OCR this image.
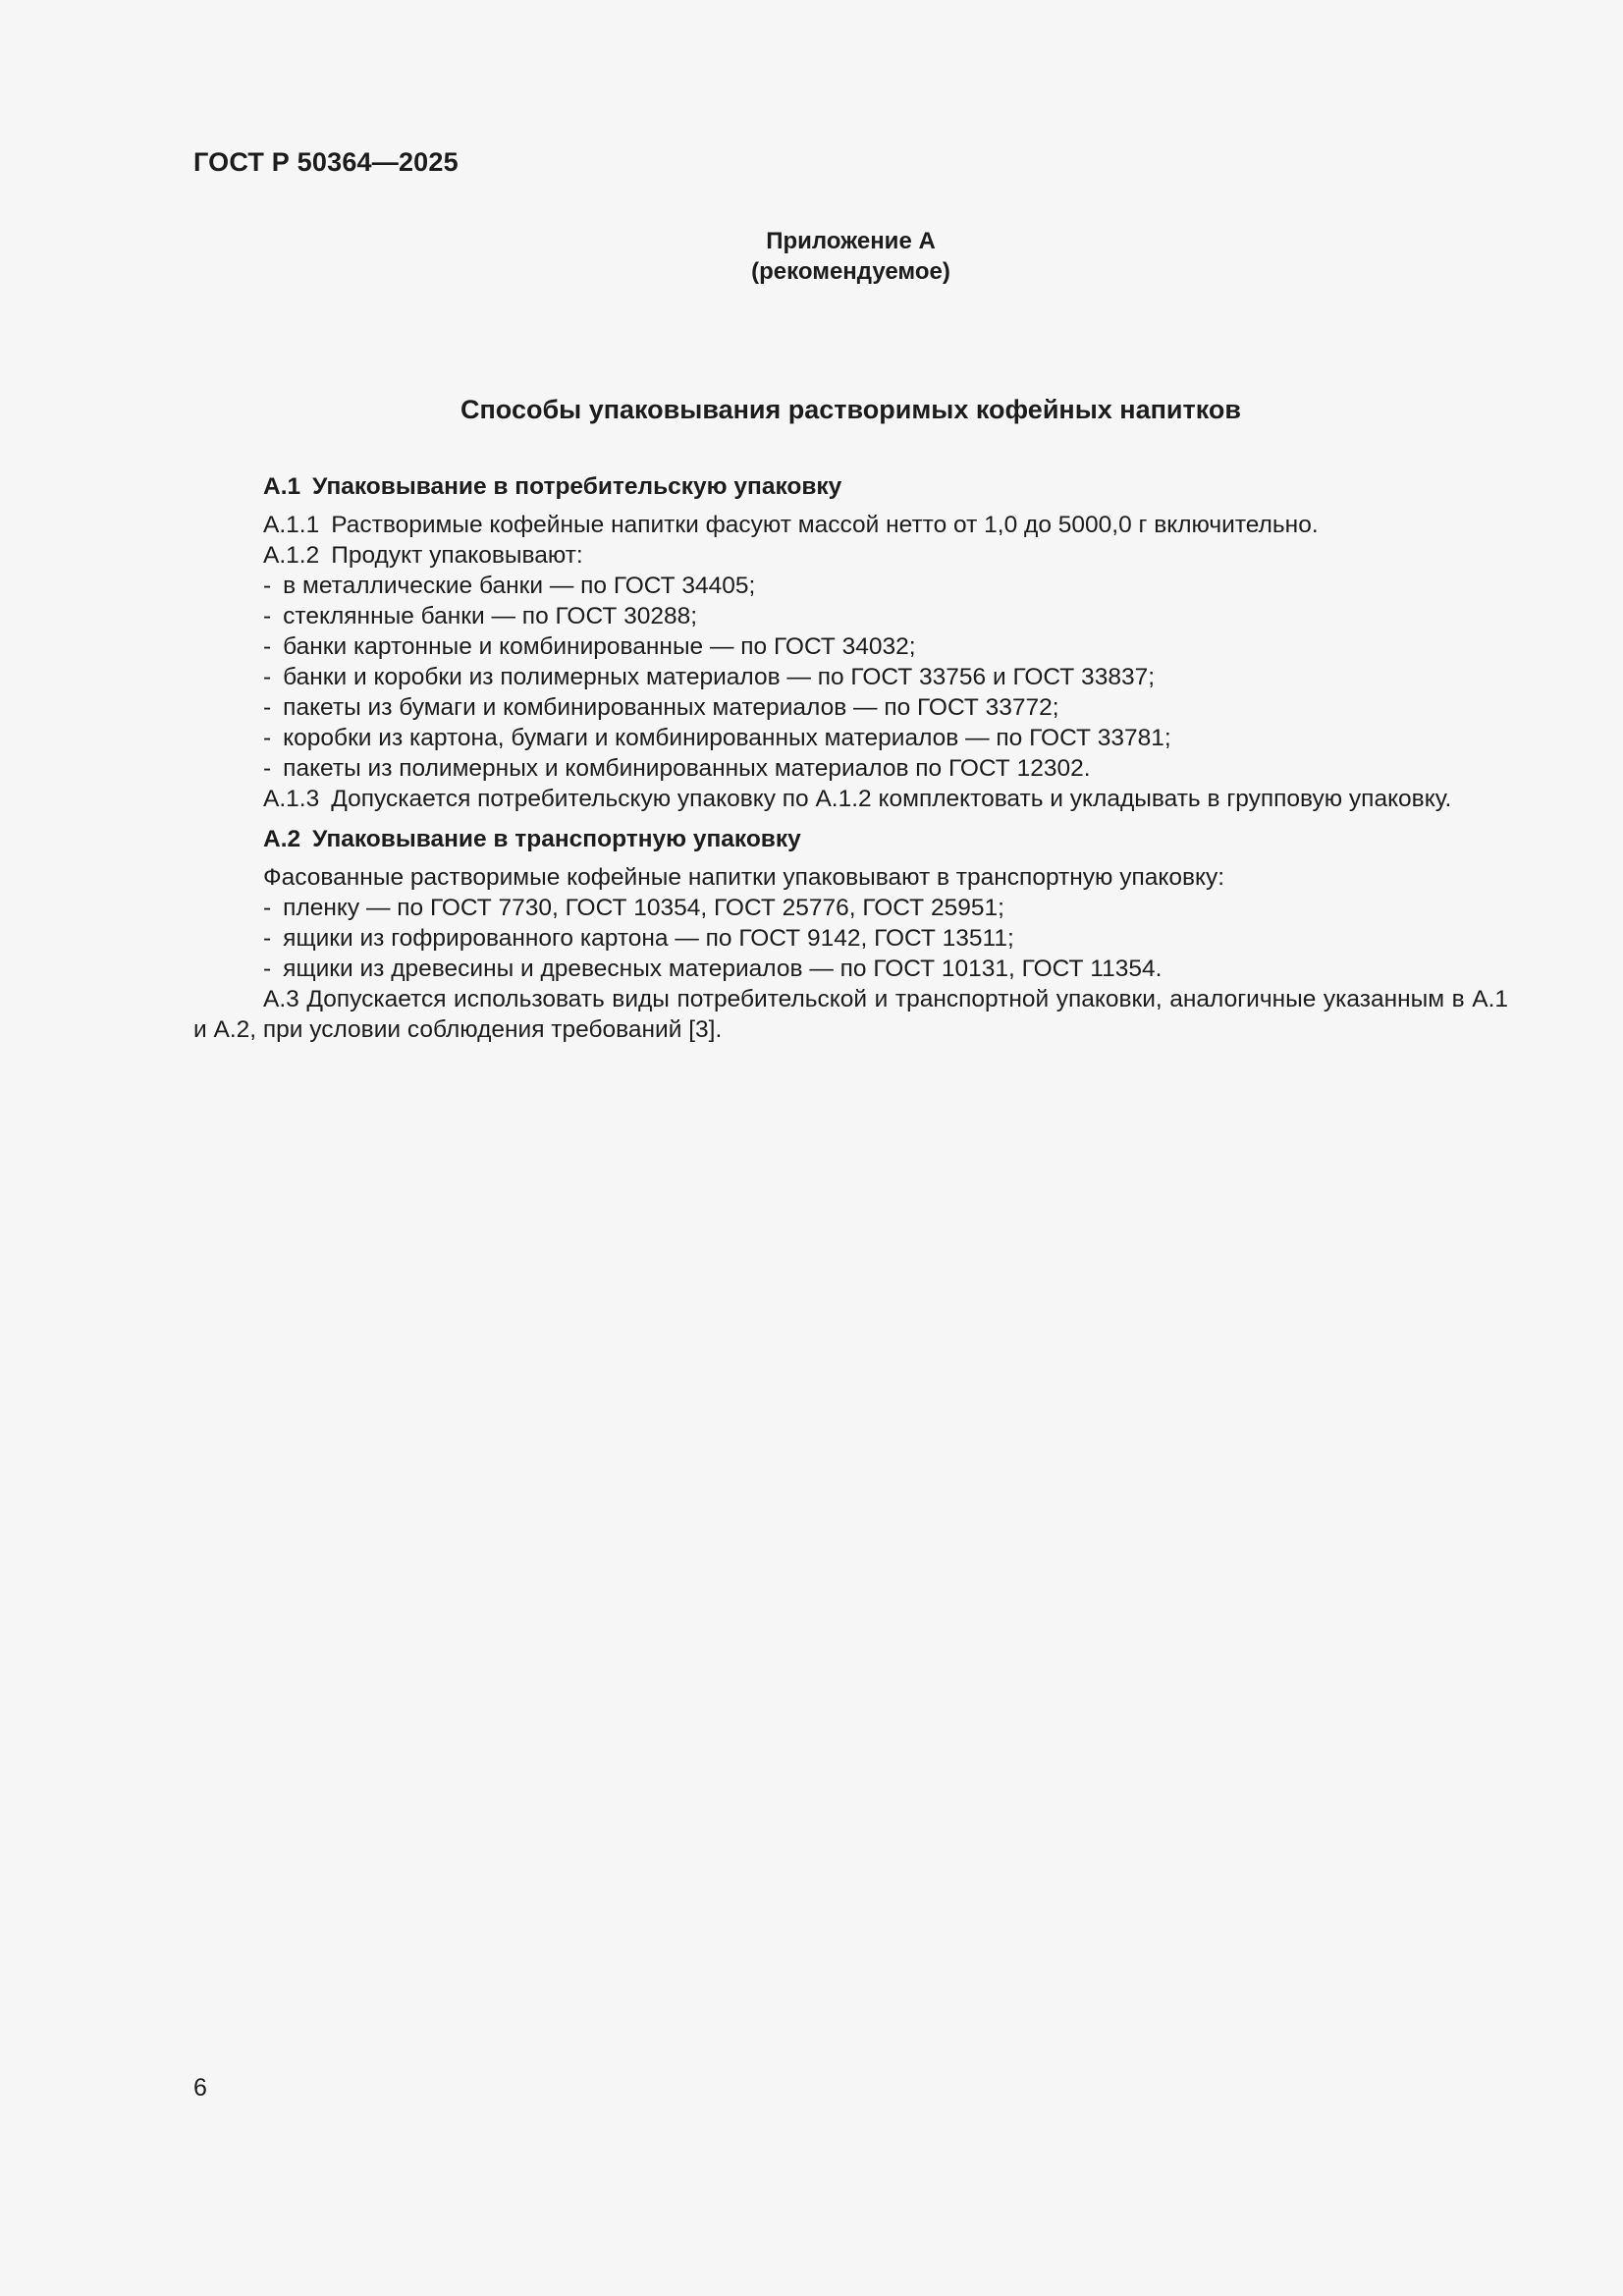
ГОСТ Р 50364—2025
Приложение А
(рекомендуемое)
Способы упаковывания растворимых кофейных напитков
А.1 Упаковывание в потребительскую упаковку
А.1.1 Растворимые кофейные напитки фасуют массой нетто от 1,0 до 5000,0 г включительно.
А.1.2 Продукт упаковывают:
- в металлические банки — по ГОСТ 34405;
- стеклянные банки — по ГОСТ 30288;
- банки картонные и комбинированные — по ГОСТ 34032;
- банки и коробки из полимерных материалов — по ГОСТ 33756 и ГОСТ 33837;
- пакеты из бумаги и комбинированных материалов — по ГОСТ 33772;
- коробки из картона, бумаги и комбинированных материалов — по ГОСТ 33781;
- пакеты из полимерных и комбинированных материалов по ГОСТ 12302.
А.1.3 Допускается потребительскую упаковку по А.1.2 комплектовать и укладывать в групповую упаковку.
А.2 Упаковывание в транспортную упаковку
Фасованные растворимые кофейные напитки упаковывают в транспортную упаковку:
- пленку — по ГОСТ 7730, ГОСТ 10354, ГОСТ 25776, ГОСТ 25951;
- ящики из гофрированного картона — по ГОСТ 9142, ГОСТ 13511;
- ящики из древесины и древесных материалов — по ГОСТ 10131, ГОСТ 11354.
А.3 Допускается использовать виды потребительской и транспортной упаковки, аналогичные указанным в А.1 и А.2, при условии соблюдения требований [3].
6
